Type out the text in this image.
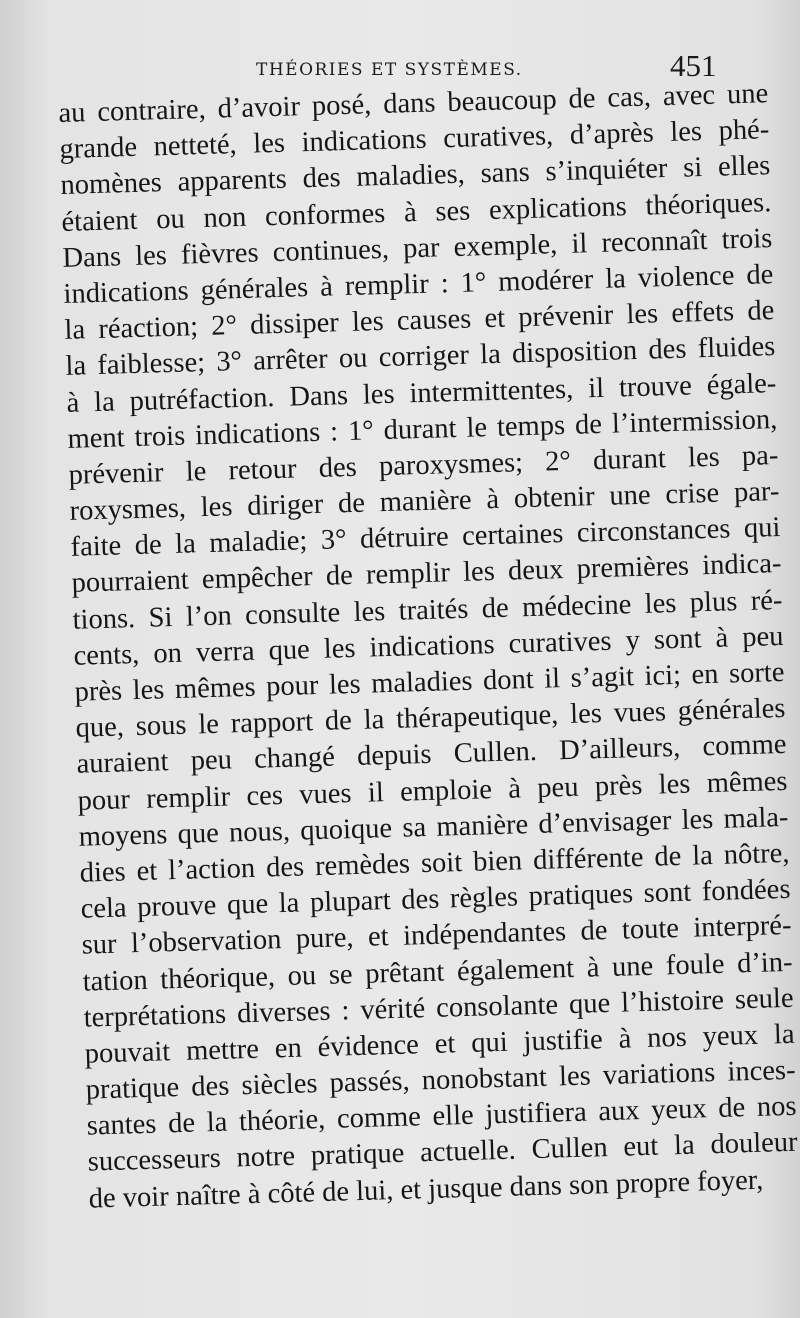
THÉORIES ET SYSTÈMES.	451
au contraire, d’avoir posé, dans beaucoup de cas, avec une
grande netteté, les indications curatives, d’après les phé-
nomènes apparents des maladies, sans s’inquiéter si elles
étaient ou non conformes à ses explications théoriques.
Dans les fièvres continues, par exemple, il reconnaît trois
indications générales à remplir : 1° modérer la violence de
la réaction; 2° dissiper les causes et prévenir les effets de
la faiblesse; 3° arrêter ou corriger la disposition des fluides
à la putréfaction. Dans les intermittentes, il trouve égale-
ment trois indications : 1° durant le temps de l’intermission,
prévenir le retour des paroxysmes; 2° durant les pa-
roxysmes, les diriger de manière à obtenir une crise par-
faite de la maladie; 3° détruire certaines circonstances qui
pourraient empêcher de remplir les deux premières indica-
tions. Si l’on consulte les traités de médecine les plus ré-
cents, on verra que les indications curatives y sont à peu
près les mêmes pour les maladies dont il s’agit ici; en sorte
que, sous le rapport de la thérapeutique, les vues générales
auraient peu changé depuis Cullen. D’ailleurs, comme
pour remplir ces vues il emploie à peu près les mêmes
moyens que nous, quoique sa manière d’envisager les mala-
dies et l’action des remèdes soit bien différente de la nôtre,
cela prouve que la plupart des règles pratiques sont fondées
sur l’observation pure, et indépendantes de toute interpré-
tation théorique, ou se prêtant également à une foule d’in-
terprétations diverses : vérité consolante que l’histoire seule
pouvait mettre en évidence et qui justifie à nos yeux la
pratique des siècles passés, nonobstant les variations inces-
santes de la théorie, comme elle justifiera aux yeux de nos
successeurs notre pratique actuelle. Cullen eut la douleur
de voir naître à côté de lui, et jusque dans son propre foyer,
